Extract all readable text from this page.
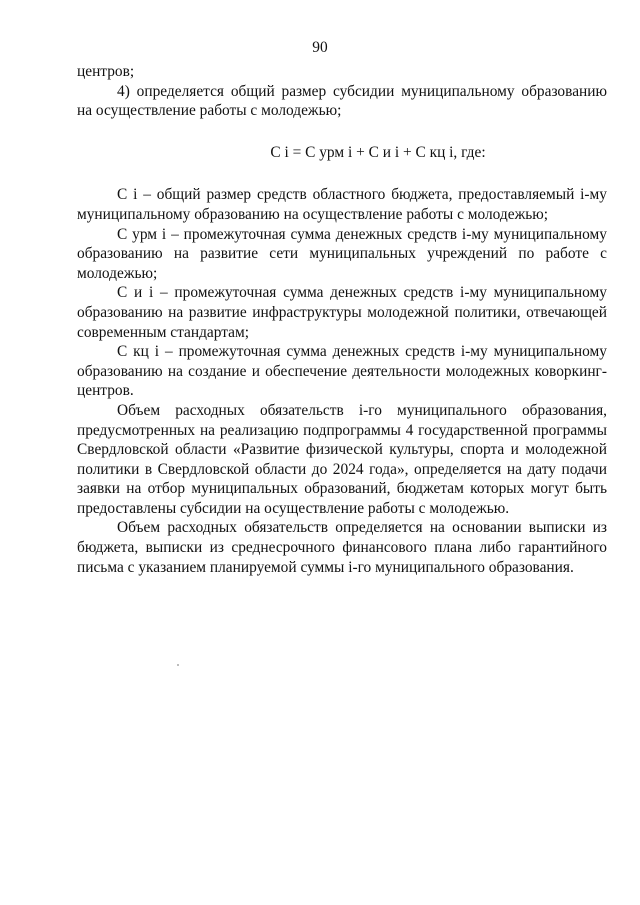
90

центров;

4) определяется общий размер субсидии муниципальному образованию на осуществление работы с молодежью;

С і = С урм і + С и і + С кц і, где:

С і – общий размер средств областного бюджета, предоставляемый і-му муниципальному образованию на осуществление работы с молодежью;

С урм і – промежуточная сумма денежных средств і-му муниципальному образованию на развитие сети муниципальных учреждений по работе с молодежью;

С и і – промежуточная сумма денежных средств і-му муниципальному образованию на развитие инфраструктуры молодежной политики, отвечающей современным стандартам;

С кц і – промежуточная сумма денежных средств і-му муниципальному образованию на создание и обеспечение деятельности молодежных коворкинг-центров.

Объем расходных обязательств і-го муниципального образования, предусмотренных на реализацию подпрограммы 4 государственной программы Свердловской области «Развитие физической культуры, спорта и молодежной политики в Свердловской области до 2024 года», определяется на дату подачи заявки на отбор муниципальных образований, бюджетам которых могут быть предоставлены субсидии на осуществление работы с молодежью.

Объем расходных обязательств определяется на основании выписки из бюджета, выписки из среднесрочного финансового плана либо гарантийного письма с указанием планируемой суммы і-го муниципального образования.
